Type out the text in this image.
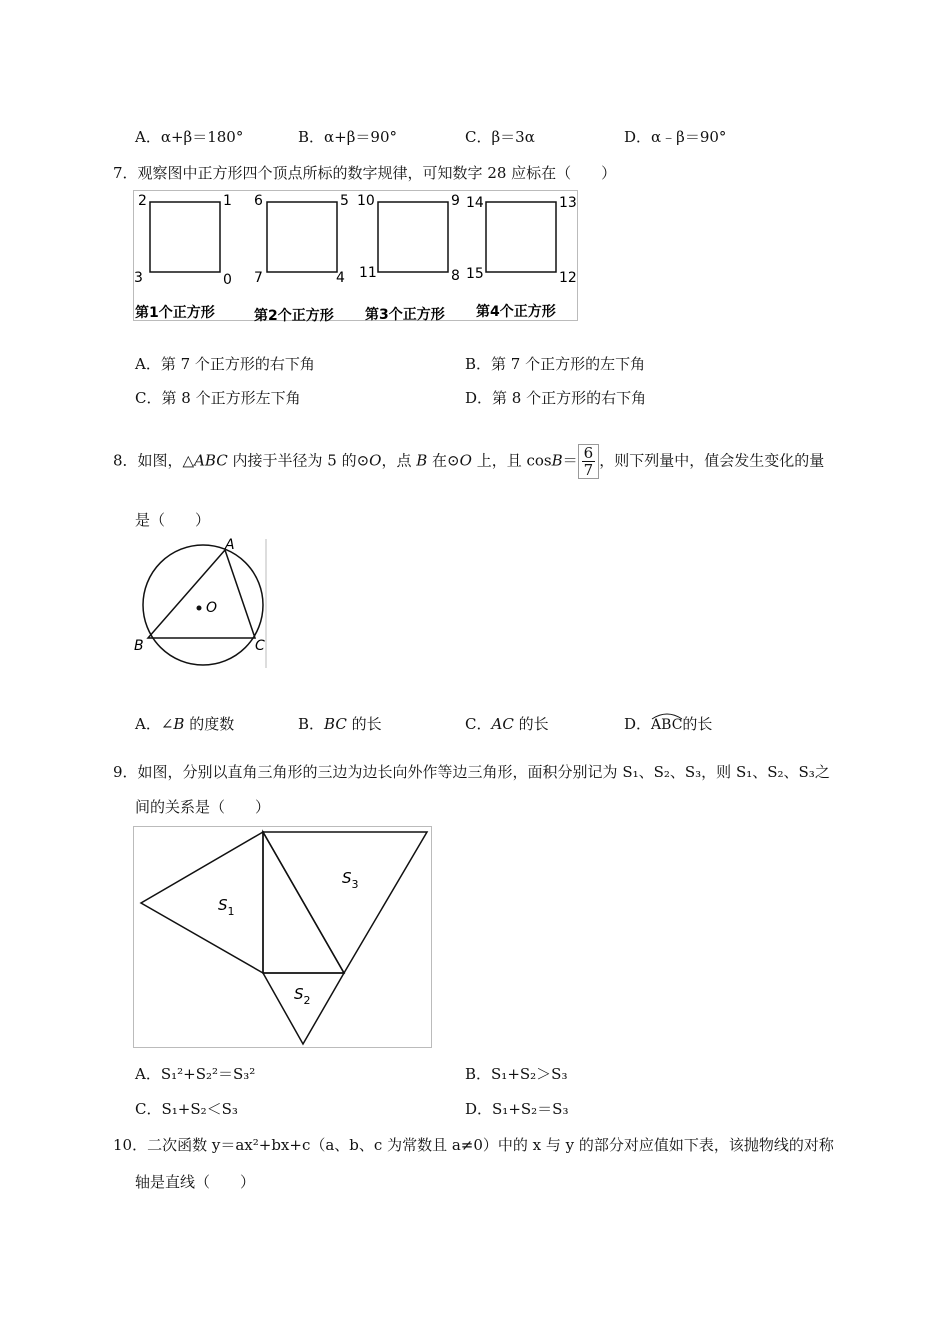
A．α+β＝180°	B．α+β＝90°	C．β＝3α	D．α﹣β＝90°
7．观察图中正方形四个顶点所标的数字规律，可知数字 28 应标在（　　）
2	1
3	0
第1个正方形
6	5
7	4
第2个正方形
10	9
11	8
第3个正方形
14	13
15	12
第4个正方形
A．第 7 个正方形的右下角	B．第 7 个正方形的左下角
C．第 8 个正方形左下角	D．第 8 个正方形的右下角
8．如图，△ABC 内接于半径为 5 的⊙O，点 B 在⊙O 上，且 $\cos B= \frac{6}{7}$ ，则下列量中，值会发生变化的量
是（　　）
O
A
B	C
A．∠B 的度数	B．BC 的长	C．AC 的长	D．
ABC的长
9．如图，分别以直角三角形的三边为边长向外作等边三角形，面积分别记为 S₁、S₂、S₃，则 S₁、S₂、S₃之
间的关系是（　　）
$S_1$
$S_2$
$S_3$
A．S₁²+S₂²＝S₃²	B．S₁+S₂＞S₃
C．S₁+S₂＜S₃	D．S₁+S₂＝S₃
10．二次函数 y＝ax²+bx+c（a、b、c 为常数且 a≠0）中的 x 与 y 的部分对应值如下表，该抛物线的对称
轴是直线（　　）
